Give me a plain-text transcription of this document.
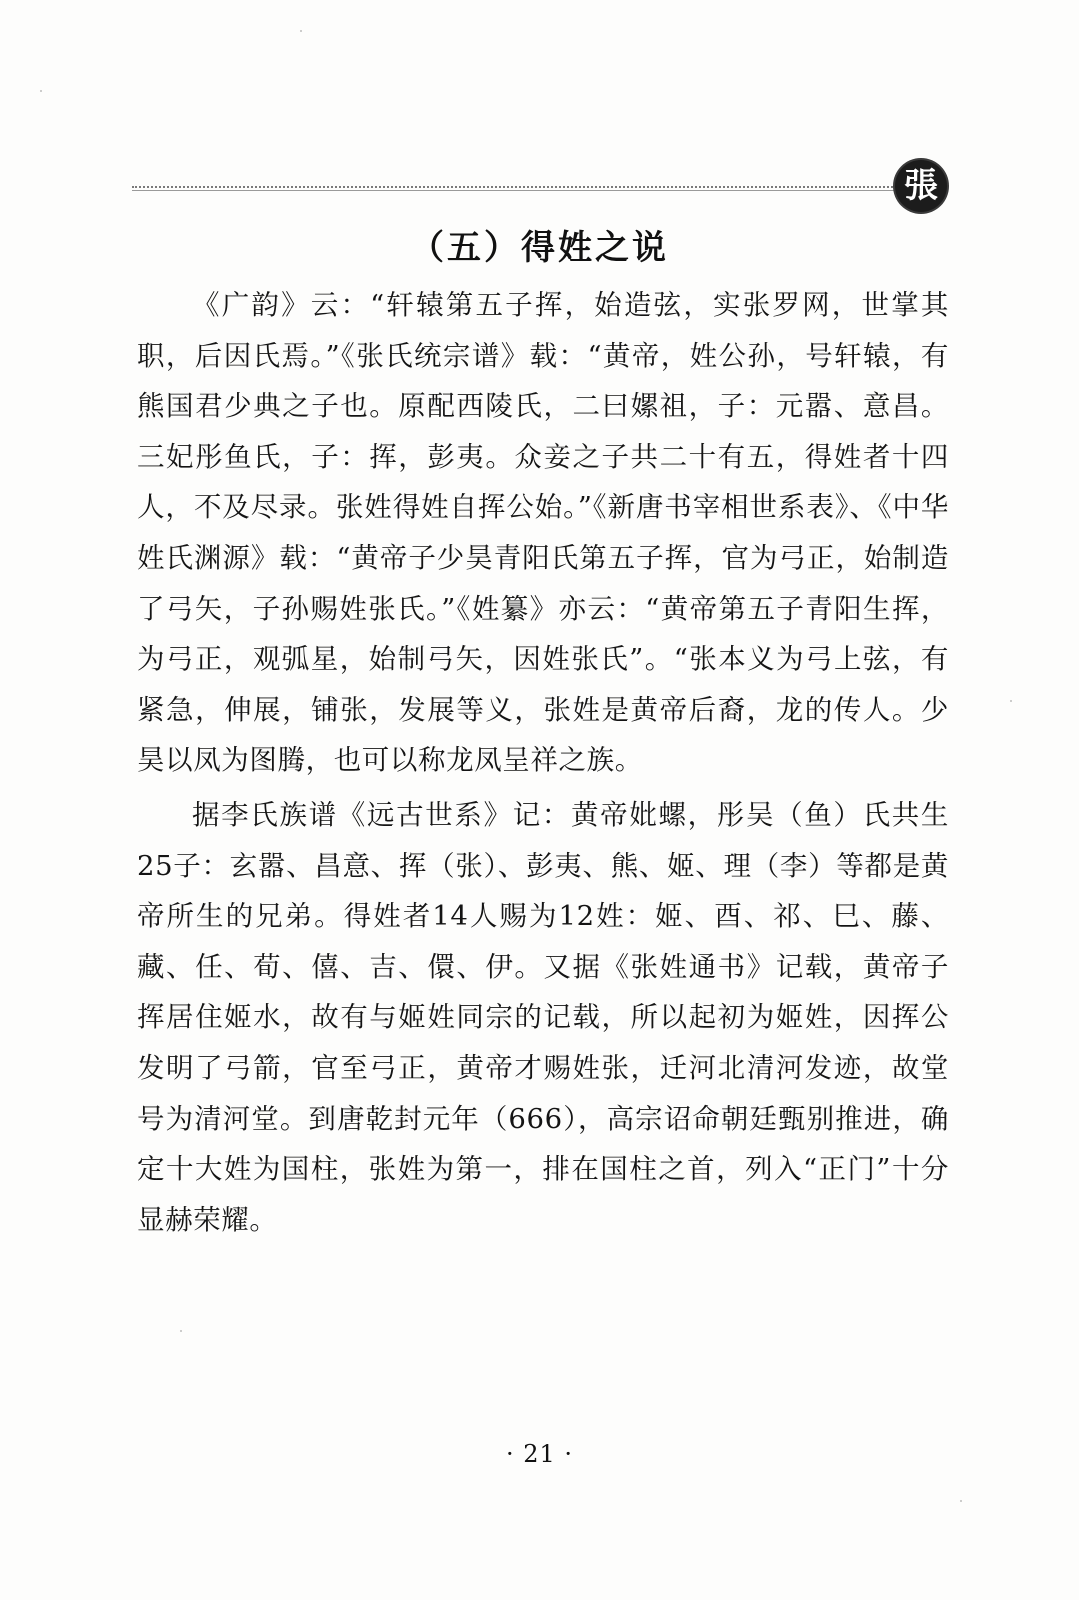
張
（五）得姓之说

《广韵》云：“轩辕第五子挥，始造弦，实张罗网，世掌其职，后因氏焉。”《张氏统宗谱》载：“黄帝，姓公孙，号轩辕，有熊国君少典之子也。原配西陵氏，二曰嫘祖，子：元嚣、意昌。三妃彤鱼氏，子：挥，彭夷。众妾之子共二十有五，得姓者十四人，不及尽录。张姓得姓自挥公始。”《新唐书宰相世系表》、《中华姓氏渊源》载：“黄帝子少昊青阳氏第五子挥，官为弓正，始制造了弓矢，子孙赐姓张氏。”《姓纂》亦云：“黄帝第五子青阳生挥，为弓正，观弧星，始制弓矢，因姓张氏”。“张本义为弓上弦，有紧急，伸展，铺张，发展等义，张姓是黄帝后裔，龙的传人。少昊以凤为图腾，也可以称龙凤呈祥之族。

据李氏族谱《远古世系》记：黄帝妣螺，彤吴（鱼）氏共生25子：玄嚣、昌意、挥（张）、彭夷、熊、姬、理（李）等都是黄帝所生的兄弟。得姓者14人赐为12姓：姬、酉、祁、巳、藤、藏、任、荀、僖、吉、儇、伊。又据《张姓通书》记载，黄帝子挥居住姬水，故有与姬姓同宗的记载，所以起初为姬姓，因挥公发明了弓箭，官至弓正，黄帝才赐姓张，迁河北清河发迹，故堂号为清河堂。到唐乾封元年（666），高宗诏命朝廷甄别推进，确定十大姓为国柱，张姓为第一，排在国柱之首，列入“正门”十分显赫荣耀。

· 21 ·
